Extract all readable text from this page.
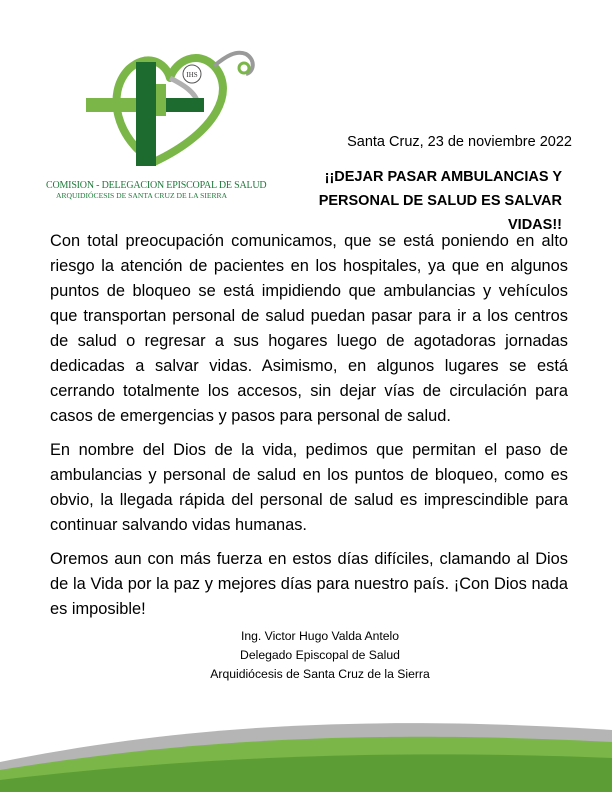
IHS
COMISION - DELEGACION EPISCOPAL DE SALUD
ARQUIDIÓCESIS DE SANTA CRUZ DE LA SIERRA
Santa Cruz, 23 de noviembre 2022
¡¡DEJAR PASAR AMBULANCIAS Y
PERSONAL DE SALUD ES SALVAR VIDAS!!

Con total preocupación comunicamos, que se está poniendo en alto riesgo la atención de pacientes en los hospitales, ya que en algunos puntos de bloqueo se está impidiendo que ambulancias y vehículos que transportan personal de salud puedan pasar para ir a los centros de salud o regresar a sus hogares luego de agotadoras jornadas dedicadas a salvar vidas. Asimismo, en algunos lugares se está cerrando totalmente los accesos, sin dejar vías de circulación para casos de emergencias y pasos para personal de salud.

En nombre del Dios de la vida, pedimos que permitan el paso de ambulancias y personal de salud en los puntos de bloqueo, como es obvio, la llegada rápida del personal de salud es imprescindible para continuar salvando vidas humanas.

Oremos aun con más fuerza en estos días difíciles, clamando al Dios de la Vida por la paz y mejores días para nuestro país. ¡Con Dios nada es imposible!

Ing. Victor Hugo Valda Antelo
Delegado Episcopal de Salud
Arquidiócesis de Santa Cruz de la Sierra
